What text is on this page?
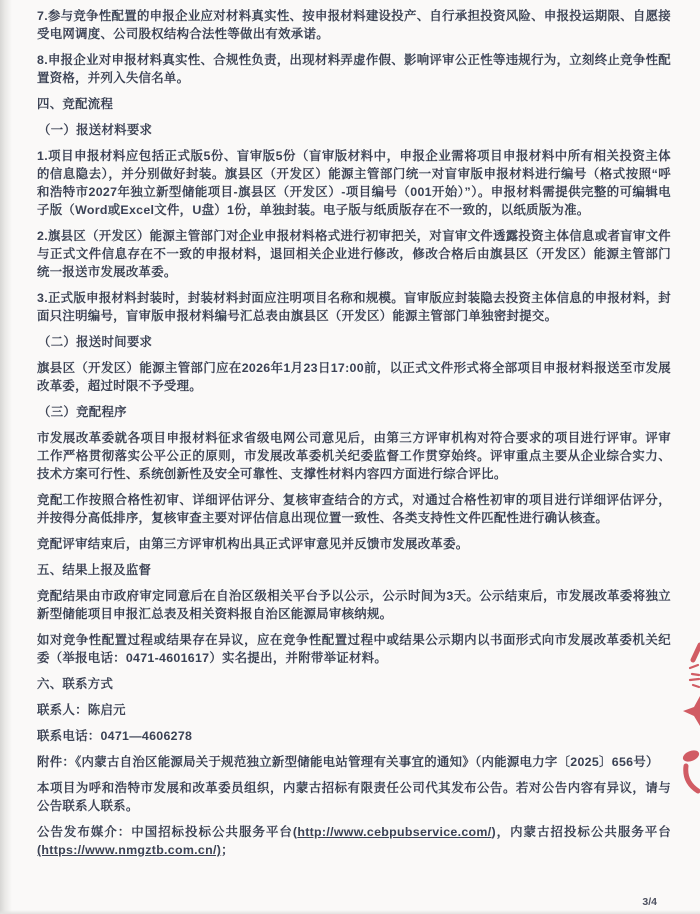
7.参与竞争性配置的申报企业应对材料真实性、按申报材料建设投产、自行承担投资风险、申报投运期限、自愿接受电网调度、公司股权结构合法性等做出有效承诺。
8.申报企业对申报材料真实性、合规性负责，出现材料弄虚作假、影响评审公正性等违规行为，立刻终止竞争性配置资格，并列入失信名单。
四、竞配流程
（一）报送材料要求
1.项目申报材料应包括正式版5份、盲审版5份（盲审版材料中，申报企业需将项目申报材料中所有相关投资主体的信息隐去），并分别做好封装。旗县区（开发区）能源主管部门统一对盲审版申报材料进行编号（格式按照“呼和浩特市2027年独立新型储能项目-旗县区（开发区）-项目编号（001开始）”）。申报材料需提供完整的可编辑电子版（Word或Excel文件，U盘）1份，单独封装。电子版与纸质版存在不一致的，以纸质版为准。
2.旗县区（开发区）能源主管部门对企业申报材料格式进行初审把关，对盲审文件透露投资主体信息或者盲审文件与正式文件信息存在不一致的申报材料，退回相关企业进行修改，修改合格后由旗县区（开发区）能源主管部门统一报送市发展改革委。
3.正式版申报材料封装时，封装材料封面应注明项目名称和规模。盲审版应封装隐去投资主体信息的申报材料，封面只注明编号，盲审版申报材料编号汇总表由旗县区（开发区）能源主管部门单独密封提交。
（二）报送时间要求
旗县区（开发区）能源主管部门应在2026年1月23日17:00前，以正式文件形式将全部项目申报材料报送至市发展改革委，超过时限不予受理。
（三）竞配程序
市发展改革委就各项目申报材料征求省级电网公司意见后，由第三方评审机构对符合要求的项目进行评审。评审工作严格贯彻落实公平公正的原则，市发展改革委机关纪委监督工作贯穿始终。评审重点主要从企业综合实力、技术方案可行性、系统创新性及安全可靠性、支撑性材料内容四方面进行综合评比。
竞配工作按照合格性初审、详细评估评分、复核审查结合的方式，对通过合格性初审的项目进行详细评估评分，并按得分高低排序，复核审查主要对评估信息出现位置一致性、各类支持性文件匹配性进行确认核查。
竞配评审结束后，由第三方评审机构出具正式评审意见并反馈市发展改革委。
五、结果上报及监督
竞配结果由市政府审定同意后在自治区级相关平台予以公示，公示时间为3天。公示结束后，市发展改革委将独立新型储能项目申报汇总表及相关资料报自治区能源局审核纳规。
如对竞争性配置过程或结果存在异议，应在竞争性配置过程中或结果公示期内以书面形式向市发展改革委机关纪委（举报电话：0471-4601617）实名提出，并附带举证材料。
六、联系方式
联系人：陈启元
联系电话：0471—4606278
附件：《内蒙古自治区能源局关于规范独立新型储能电站管理有关事宜的通知》（内能源电力字〔2025〕656号）
本项目为呼和浩特市发展和改革委员组织，内蒙古招标有限责任公司代其发布公告。若对公告内容有异议，请与公告联系人联系。
公告发布媒介：中国招标投标公共服务平台(http://www.cebpubservice.com/)，内蒙古招投标公共服务平台(https://www.nmgztb.com.cn/)；
3/4
